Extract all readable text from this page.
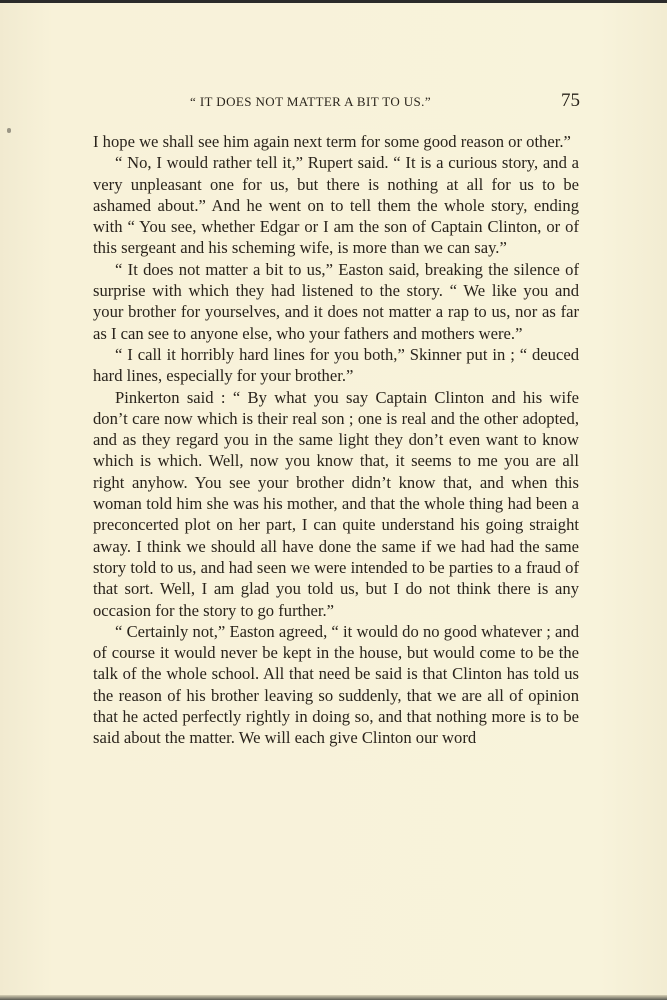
“ IT DOES NOT MATTER A BIT TO US.”	75

I hope we shall see him again next term for some good reason or other.”

“ No, I would rather tell it,” Rupert said. “ It is a curious story, and a very unpleasant one for us, but there is nothing at all for us to be ashamed about.” And he went on to tell them the whole story, ending with “ You see, whether Edgar or I am the son of Captain Clinton, or of this sergeant and his scheming wife, is more than we can say.”

“ It does not matter a bit to us,” Easton said, breaking the silence of surprise with which they had listened to the story. “ We like you and your brother for yourselves, and it does not matter a rap to us, nor as far as I can see to anyone else, who your fathers and mothers were.”

“ I call it horribly hard lines for you both,” Skinner put in ; “ deuced hard lines, especially for your brother.”

Pinkerton said : “ By what you say Captain Clinton and his wife don’t care now which is their real son ; one is real and the other adopted, and as they regard you in the same light they don’t even want to know which is which. Well, now you know that, it seems to me you are all right anyhow. You see your brother didn’t know that, and when this woman told him she was his mother, and that the whole thing had been a preconcerted plot on her part, I can quite understand his going straight away. I think we should all have done the same if we had had the same story told to us, and had seen we were intended to be parties to a fraud of that sort. Well, I am glad you told us, but I do not think there is any occasion for the story to go further.”

“ Certainly not,” Easton agreed, “ it would do no good whatever ; and of course it would never be kept in the house, but would come to be the talk of the whole school. All that need be said is that Clinton has told us the reason of his brother leaving so suddenly, that we are all of opinion that he acted perfectly rightly in doing so, and that nothing more is to be said about the matter. We will each give Clinton our word
